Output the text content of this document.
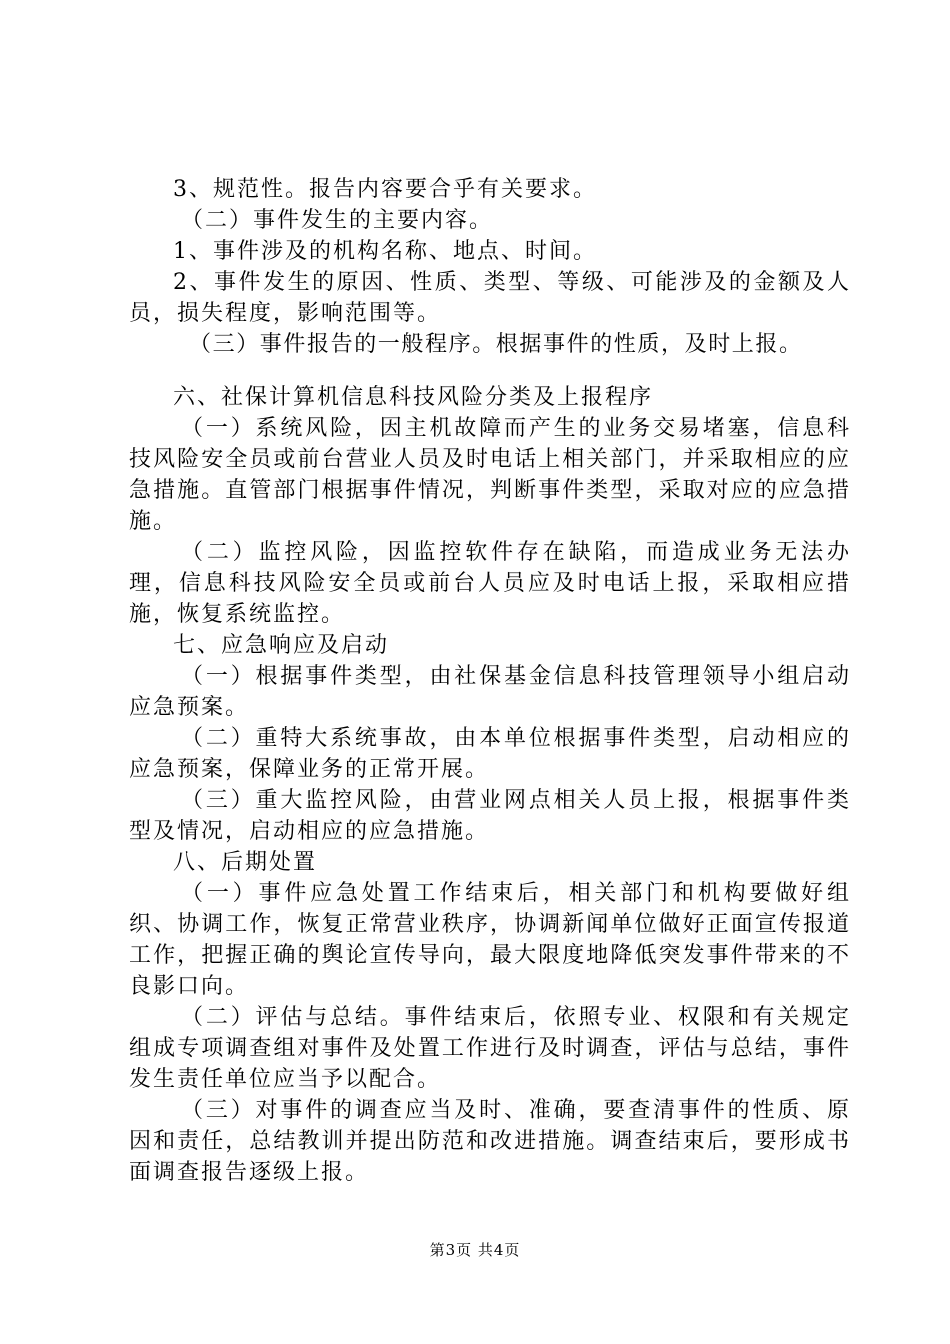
3、规范性。报告内容要合乎有关要求。

（二）事件发生的主要内容。

1、事件涉及的机构名称、地点、时间。

2、事件发生的原因、性质、类型、等级、可能涉及的金额及人员，损失程度，影响范围等。

（三）事件报告的一般程序。根据事件的性质，及时上报。

六、社保计算机信息科技风险分类及上报程序

（一）系统风险，因主机故障而产生的业务交易堵塞，信息科技风险安全员或前台营业人员及时电话上相关部门，并采取相应的应急措施。直管部门根据事件情况，判断事件类型，采取对应的应急措施。

（二）监控风险，因监控软件存在缺陷，而造成业务无法办理，信息科技风险安全员或前台人员应及时电话上报，采取相应措施，恢复系统监控。

七、应急响应及启动

（一）根据事件类型，由社保基金信息科技管理领导小组启动应急预案。

（二）重特大系统事故，由本单位根据事件类型，启动相应的应急预案，保障业务的正常开展。

（三）重大监控风险，由营业网点相关人员上报，根据事件类型及情况，启动相应的应急措施。

八、后期处置

（一）事件应急处置工作结束后，相关部门和机构要做好组织、协调工作，恢复正常营业秩序，协调新闻单位做好正面宣传报道工作，把握正确的舆论宣传导向，最大限度地降低突发事件带来的不良影口向。

（二）评估与总结。事件结束后，依照专业、权限和有关规定组成专项调查组对事件及处置工作进行及时调查，评估与总结，事件发生责任单位应当予以配合。

（三）对事件的调查应当及时、准确，要查清事件的性质、原因和责任，总结教训并提出防范和改进措施。调查结束后，要形成书面调查报告逐级上报。

第3页 共4页
